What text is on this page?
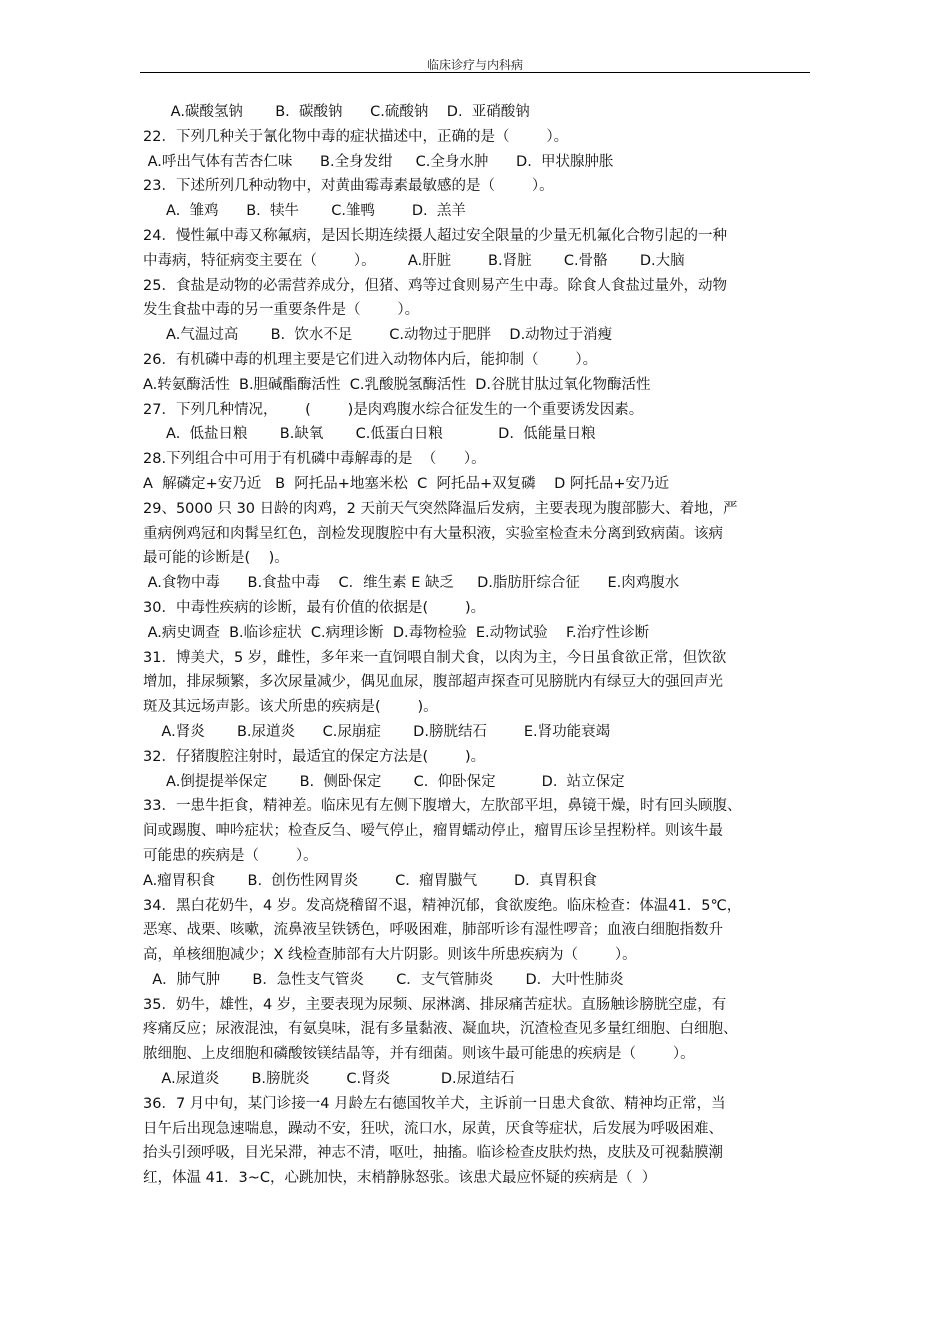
临床诊疗与内科病
A.碳酸氢钠       B.  碳酸钠      C.硫酸钠    D.  亚硝酸钠
22．下列几种关于氰化物中毒的症状描述中，正确的是（        ）。
A.呼出气体有苦杏仁味      B.全身发绀     C.全身水肿      D.  甲状腺肿胀
23．下述所列几种动物中，对黄曲霉毒素最敏感的是（        ）。
A.  雏鸡      B.  犊牛       C.雏鸭        D.  羔羊
24．慢性氟中毒又称氟病，是因长期连续摄人超过安全限量的少量无机氟化合物引起的一种
中毒病，特征病变主要在（        ）。       A.肝脏        B.肾脏       C.骨骼       D.大脑
25．食盐是动物的必需营养成分，但猪、鸡等过食则易产生中毒。除食人食盐过量外，动物
发生食盐中毒的另一重要条件是（        ）。
A.气温过高       B.  饮水不足        C.动物过于肥胖    D.动物过于消瘦
26．有机磷中毒的机理主要是它们进入动物体内后，能抑制（        ）。
A.转氨酶活性  B.胆碱酯酶活性  C.乳酸脱氢酶活性  D.谷胱甘肽过氧化物酶活性
27．下列几种情况，      (        )是肉鸡腹水综合征发生的一个重要诱发因素。
A.  低盐日粮       B.缺氧       C.低蛋白日粮            D.  低能量日粮
28.下列组合中可用于有机磷中毒解毒的是  （      ）。
A  解磷定+安乃近   B  阿托品+地塞米松  C  阿托品+双复磷    D 阿托品+安乃近
29、5000 只 30 日龄的肉鸡，2 天前天气突然降温后发病，主要表现为腹部膨大、着地，严
重病例鸡冠和肉髯呈红色，剖检发现腹腔中有大量积液，实验室检查未分离到致病菌。该病
最可能的诊断是(    )。
A.食物中毒      B.食盐中毒    C．维生素 E 缺乏     D.脂肪肝综合征      E.肉鸡腹水
30．中毒性疾病的诊断，最有价值的依据是(        )。
A.病史调查  B.临诊症状  C.病理诊断  D.毒物检验  E.动物试验    F.治疗性诊断
31．博美犬，5 岁，雌性，多年来一直饲喂自制犬食，以肉为主，今日虽食欲正常，但饮欲
增加，排尿频繁，多次尿量减少，偶见血尿，腹部超声探查可见膀胱内有绿豆大的强回声光
斑及其远场声影。该犬所患的疾病是(        )。
A.肾炎       B.尿道炎      C.尿崩症       D.膀胱结石        E.肾功能衰竭
32．仔猪腹腔注射时，最适宜的保定方法是(        )。
A.倒提提举保定       B.  侧卧保定       C.  仰卧保定          D.  站立保定
33．一患牛拒食，精神差。临床见有左侧下腹增大，左肷部平坦，鼻镜干燥，时有回头顾腹、
间或踢腹、呻吟症状；检查反刍、嗳气停止，瘤胃蠕动停止，瘤胃压诊呈捏粉样。则该牛最
可能患的疾病是（        ）。
A.瘤胃积食       B.  创伤性网胃炎        C.  瘤胃臌气        D.  真胃积食
34．黑白花奶牛，4 岁。发高烧稽留不退，精神沉郁，食欲废绝。临床检查：体温41．5℃，
恶寒、战栗、咳嗽，流鼻液呈铁锈色，呼吸困难，肺部听诊有湿性啰音；血液白细胞指数升
高，单核细胞减少；X 线检查肺部有大片阴影。则该牛所患疾病为（        ）。
A．肺气肿       B．急性支气管炎       C．支气管肺炎       D．大叶性肺炎
35．奶牛，雄性，4 岁，主要表现为尿频、尿淋漓、排尿痛苦症状。直肠触诊膀胱空虚，有
疼痛反应；尿液混浊，有氨臭味，混有多量黏液、凝血块，沉渣检查见多量红细胞、白细胞、
脓细胞、上皮细胞和磷酸铵镁结晶等，并有细菌。则该牛最可能患的疾病是（        ）。
A.尿道炎       B.膀胱炎        C.肾炎           D.尿道结石
36．7 月中旬，某门诊接一4 月龄左右德国牧羊犬，主诉前一日患犬食欲、精神均正常，当
日午后出现急速喘息，躁动不安，狂吠，流口水，尿黄，厌食等症状，后发展为呼吸困难、
抬头引颈呼吸，目光呆滞，神志不清，呕吐，抽搐。临诊检查皮肤灼热，皮肤及可视黏膜潮
红，体温 41．3~C，心跳加快，末梢静脉怒张。该患犬最应怀疑的疾病是（  ）
